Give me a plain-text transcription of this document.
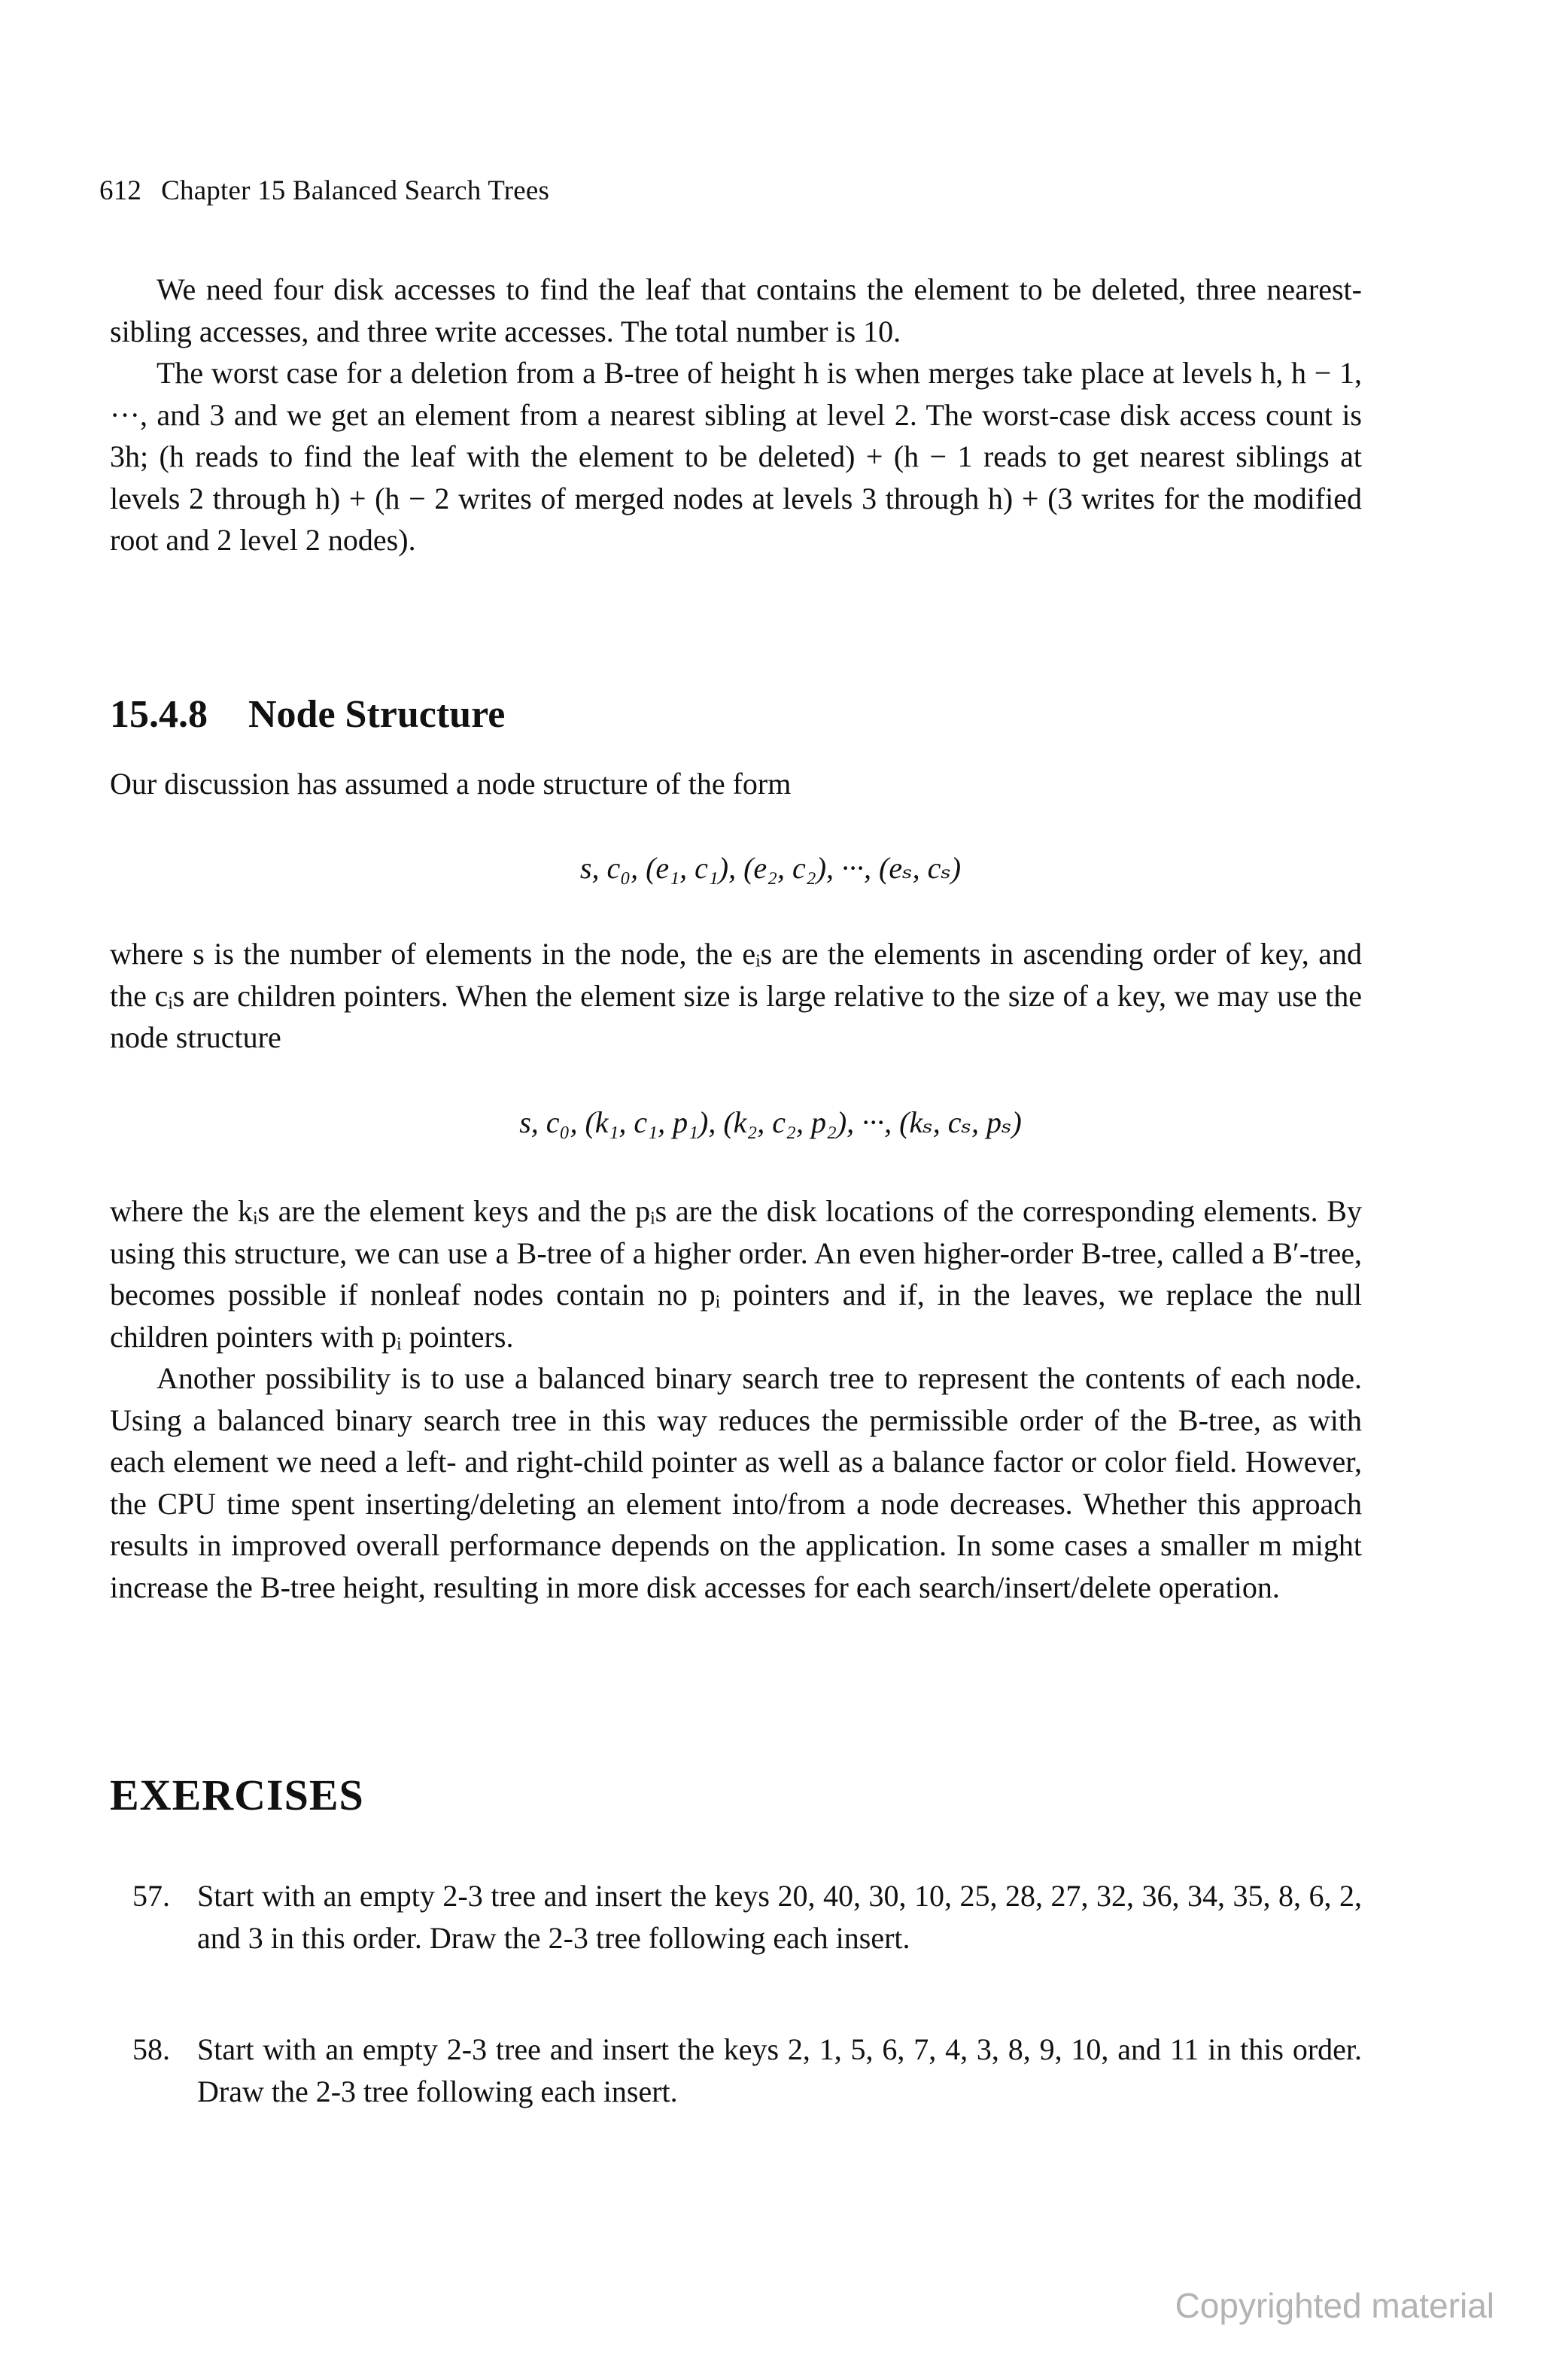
612 Chapter 15 Balanced Search Trees

We need four disk accesses to find the leaf that contains the element to be deleted, three nearest-sibling accesses, and three write accesses. The total number is 10.

The worst case for a deletion from a B-tree of height h is when merges take place at levels h, h − 1, ···, and 3 and we get an element from a nearest sibling at level 2. The worst-case disk access count is 3h; (h reads to find the leaf with the element to be deleted) + (h − 1 reads to get nearest siblings at levels 2 through h) + (h − 2 writes of merged nodes at levels 3 through h) + (3 writes for the modified root and 2 level 2 nodes).

15.4.8 Node Structure

Our discussion has assumed a node structure of the form

s, c₀, (e₁, c₁), (e₂, c₂), ···, (eₛ, cₛ)

where s is the number of elements in the node, the eᵢs are the elements in ascending order of key, and the cᵢs are children pointers. When the element size is large relative to the size of a key, we may use the node structure

s, c₀, (k₁, c₁, p₁), (k₂, c₂, p₂), ···, (kₛ, cₛ, pₛ)

where the kᵢs are the element keys and the pᵢs are the disk locations of the corresponding elements. By using this structure, we can use a B-tree of a higher order. An even higher-order B-tree, called a B′-tree, becomes possible if nonleaf nodes contain no pᵢ pointers and if, in the leaves, we replace the null children pointers with pᵢ pointers.

Another possibility is to use a balanced binary search tree to represent the contents of each node. Using a balanced binary search tree in this way reduces the permissible order of the B-tree, as with each element we need a left- and right-child pointer as well as a balance factor or color field. However, the CPU time spent inserting/deleting an element into/from a node decreases. Whether this approach results in improved overall performance depends on the application. In some cases a smaller m might increase the B-tree height, resulting in more disk accesses for each search/insert/delete operation.

EXERCISES
57. Start with an empty 2-3 tree and insert the keys 20, 40, 30, 10, 25, 28, 27, 32, 36, 34, 35, 8, 6, 2, and 3 in this order. Draw the 2-3 tree following each insert.
58. Start with an empty 2-3 tree and insert the keys 2, 1, 5, 6, 7, 4, 3, 8, 9, 10, and 11 in this order. Draw the 2-3 tree following each insert.
Copyrighted material
